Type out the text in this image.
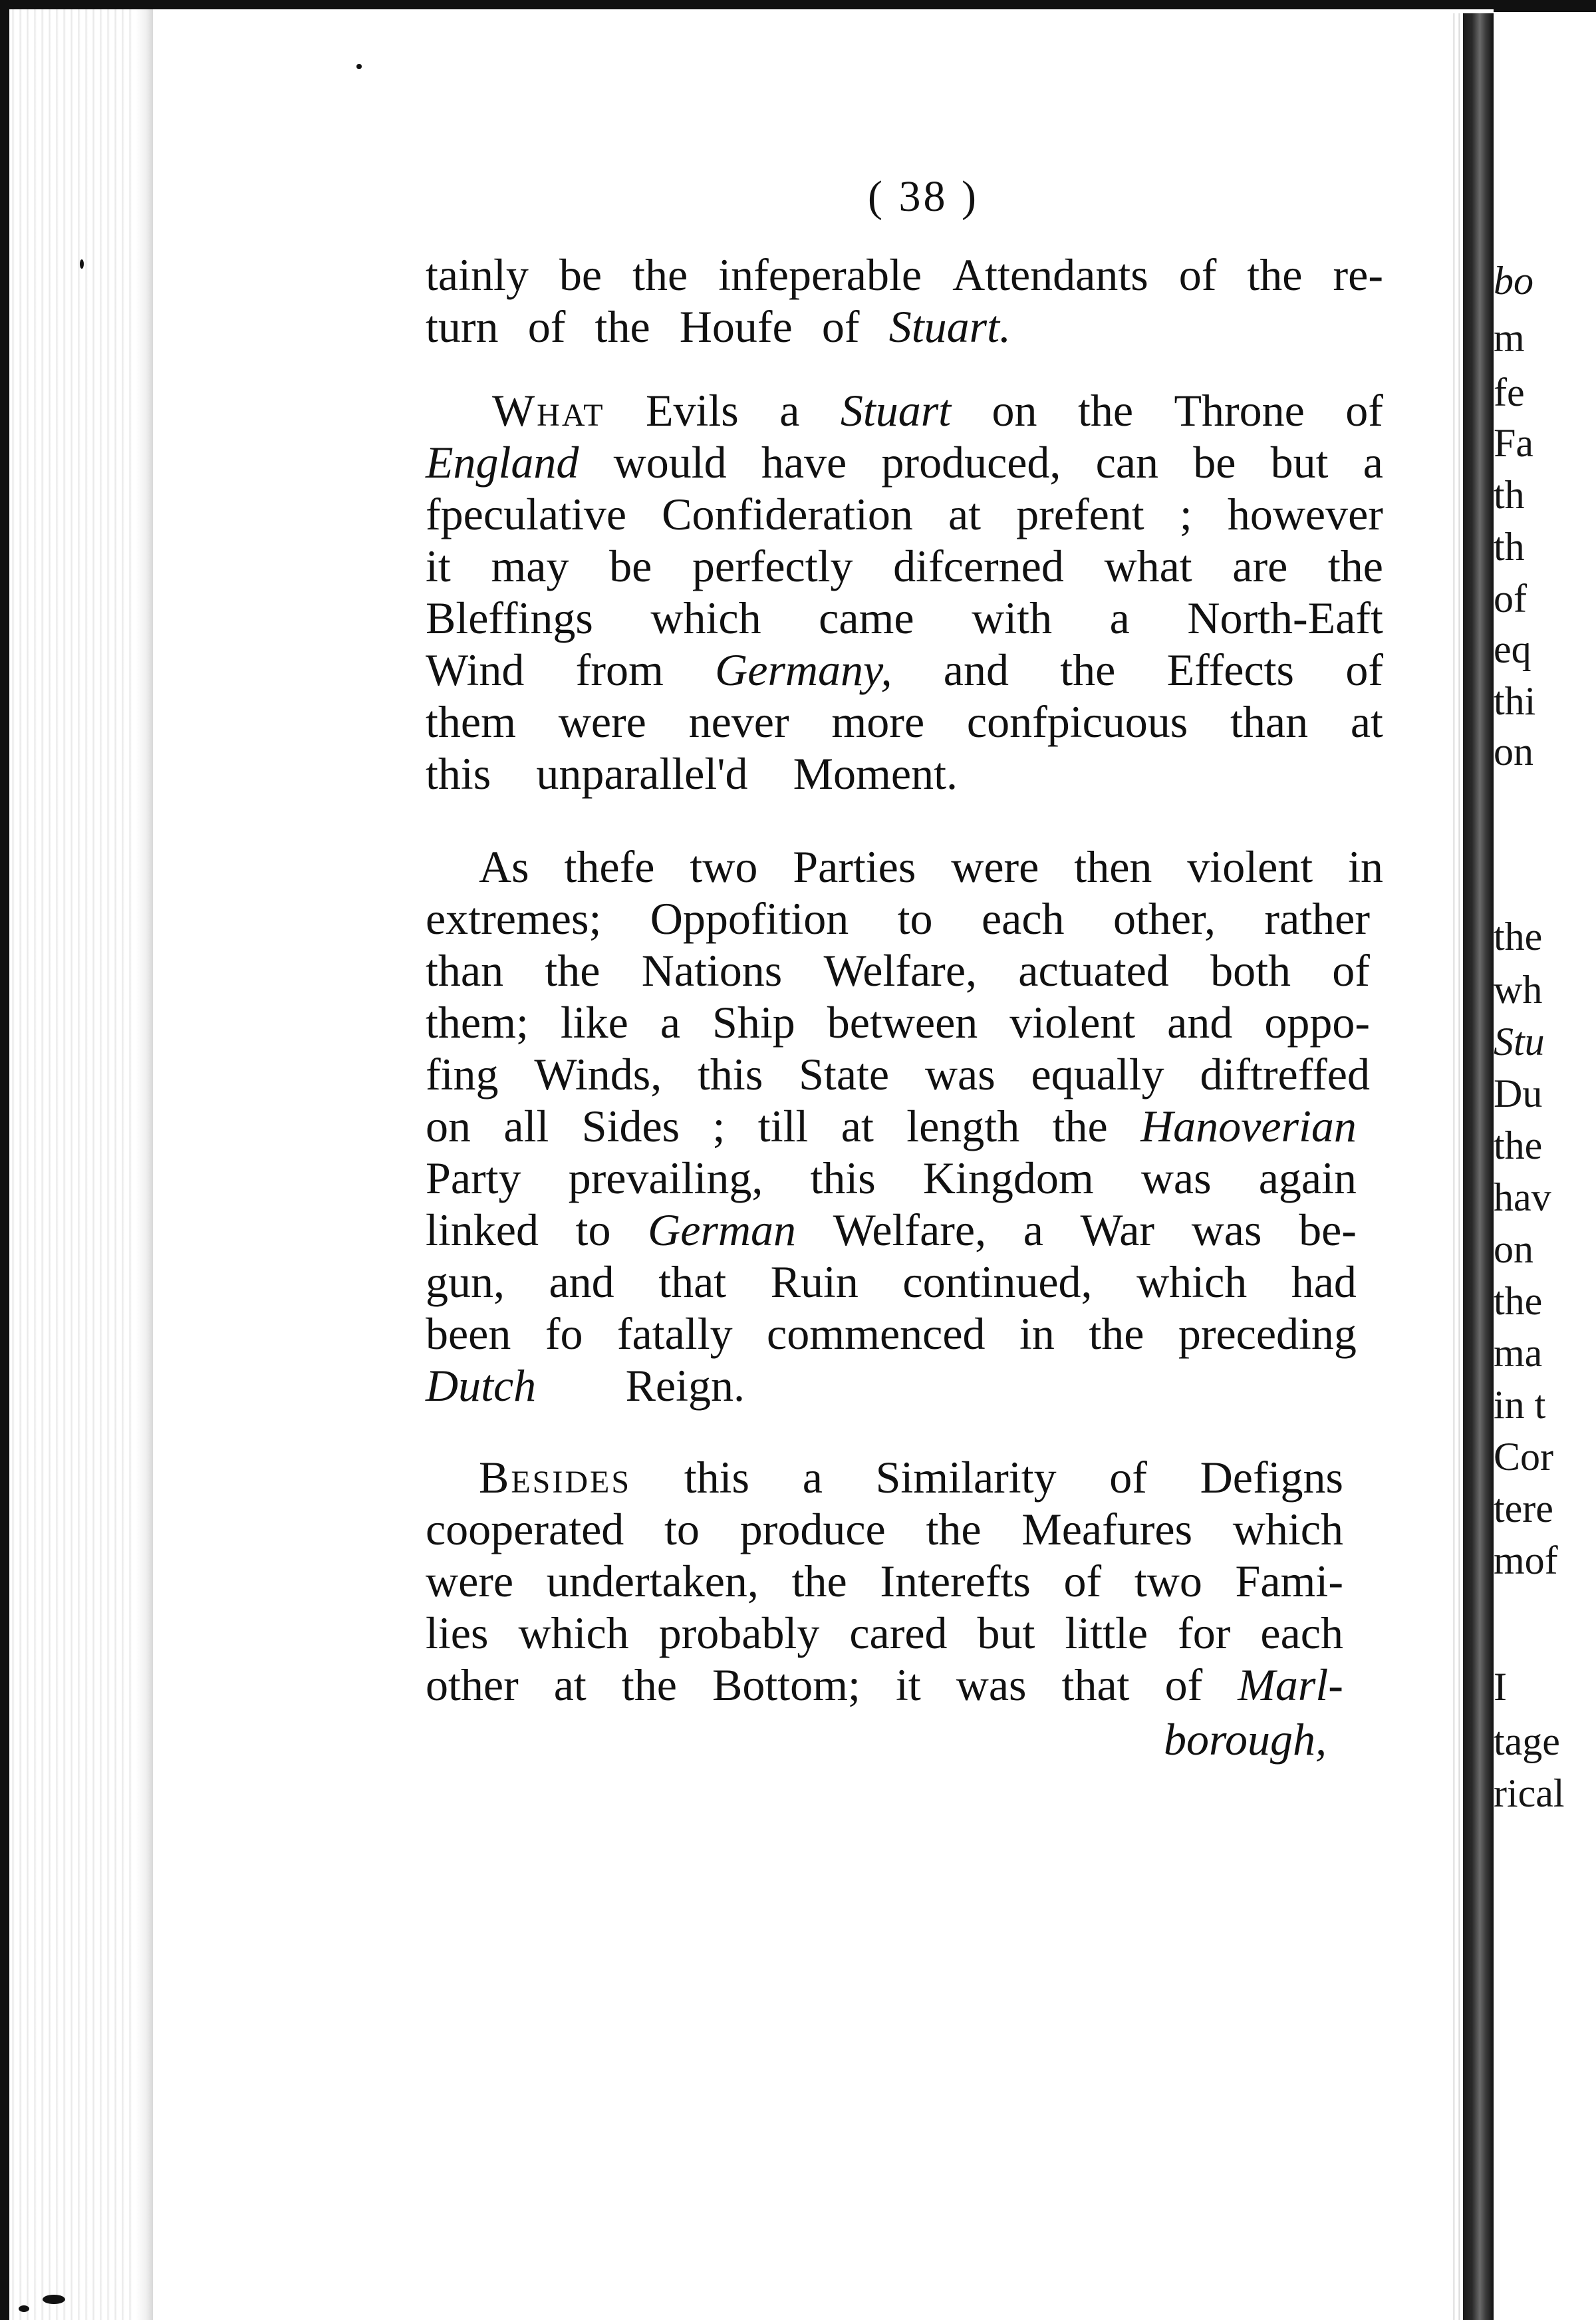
bo
m
fe
Fa
th
th
of
eq
thi
on
the
wh
Stu
Du
the
hav
on
the
ma
in t
Cor
tere
mof
I
tage
rical
( 38 )
tainly be the infeperable Attendants of the re-
turn of the Houfe of Stuart.
What Evils a Stuart on the Throne of
England would have produced, can be but a
fpeculative Confideration at prefent ; however
it may be perfectly difcerned what are the
Bleffings which came with a North-Eaft
Wind from Germany, and the Effects of
them were never more confpicuous than at
this unparallel'd Moment.
As thefe two Parties were then violent in
extremes; Oppofition to each other, rather
than the Nations Welfare, actuated both of
them; like a Ship between violent and oppo-
fing Winds, this State was equally diftreffed
on all Sides ; till at length the Hanoverian
Party prevailing, this Kingdom was again
linked to German Welfare, a War was be-
gun, and that Ruin continued, which had
been fo fatally commenced in the preceding
Dutch Reign.
Besides this a Similarity of Defigns
cooperated to produce the Meafures which
were undertaken, the Interefts of two Fami-
lies which probably cared but little for each
other at the Bottom; it was that of Marl-
borough,
